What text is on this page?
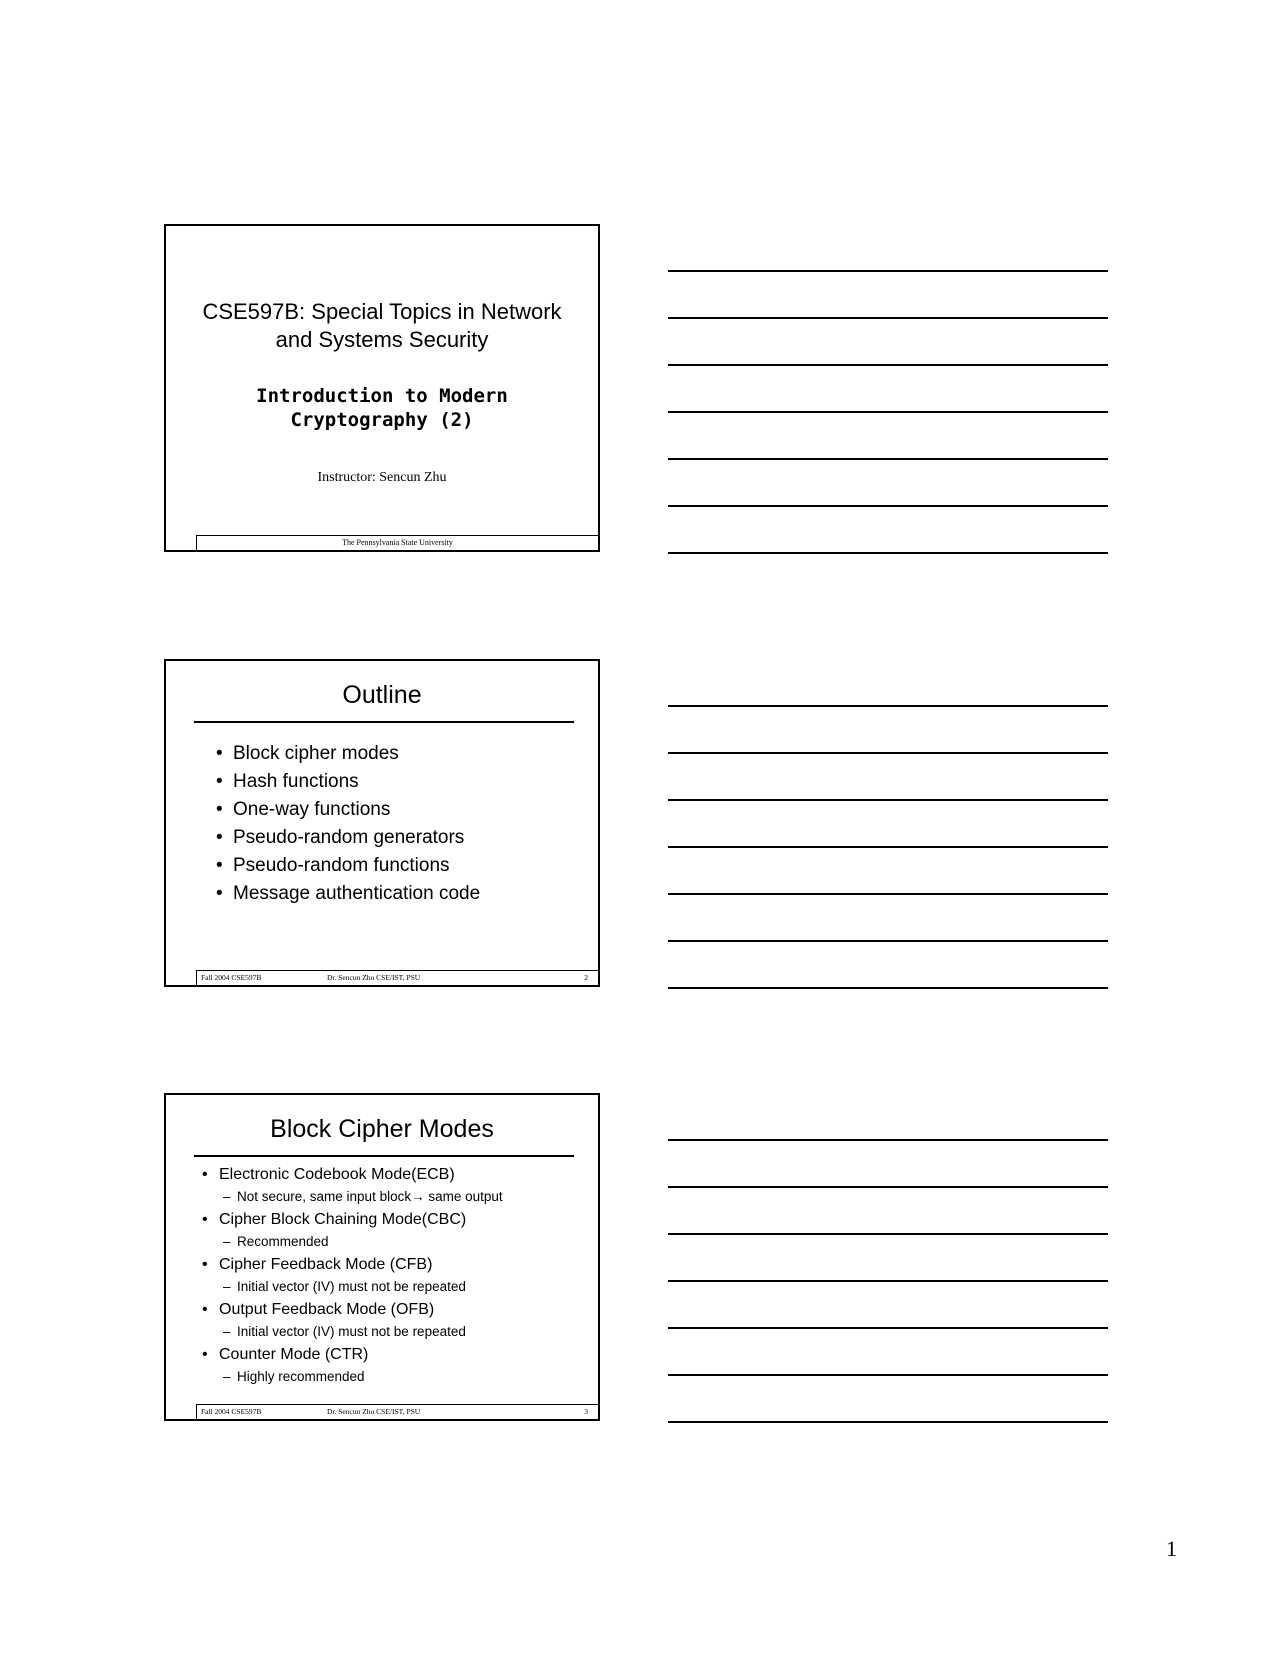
CSE597B: Special Topics in Network
and Systems Security
Introduction to Modern
Cryptography (2)
Instructor: Sencun Zhu
The Pennsylvania State University
Outline
• Block cipher modes
• Hash functions
• One-way functions
• Pseudo-random generators
• Pseudo-random functions
• Message authentication code
Fall 2004 CSE597B	Dr. Sencun Zhu CSE/IST, PSU	2
Block Cipher Modes
• Electronic Codebook Mode(ECB)
– Not secure, same input block→ same output
• Cipher Block Chaining Mode(CBC)
– Recommended
• Cipher Feedback Mode (CFB)
– Initial vector (IV) must not be repeated
• Output Feedback Mode (OFB)
– Initial vector (IV) must not be repeated
• Counter Mode (CTR)
– Highly recommended
Fall 2004 CSE597B	Dr. Sencun Zhu CSE/IST, PSU	3
1
